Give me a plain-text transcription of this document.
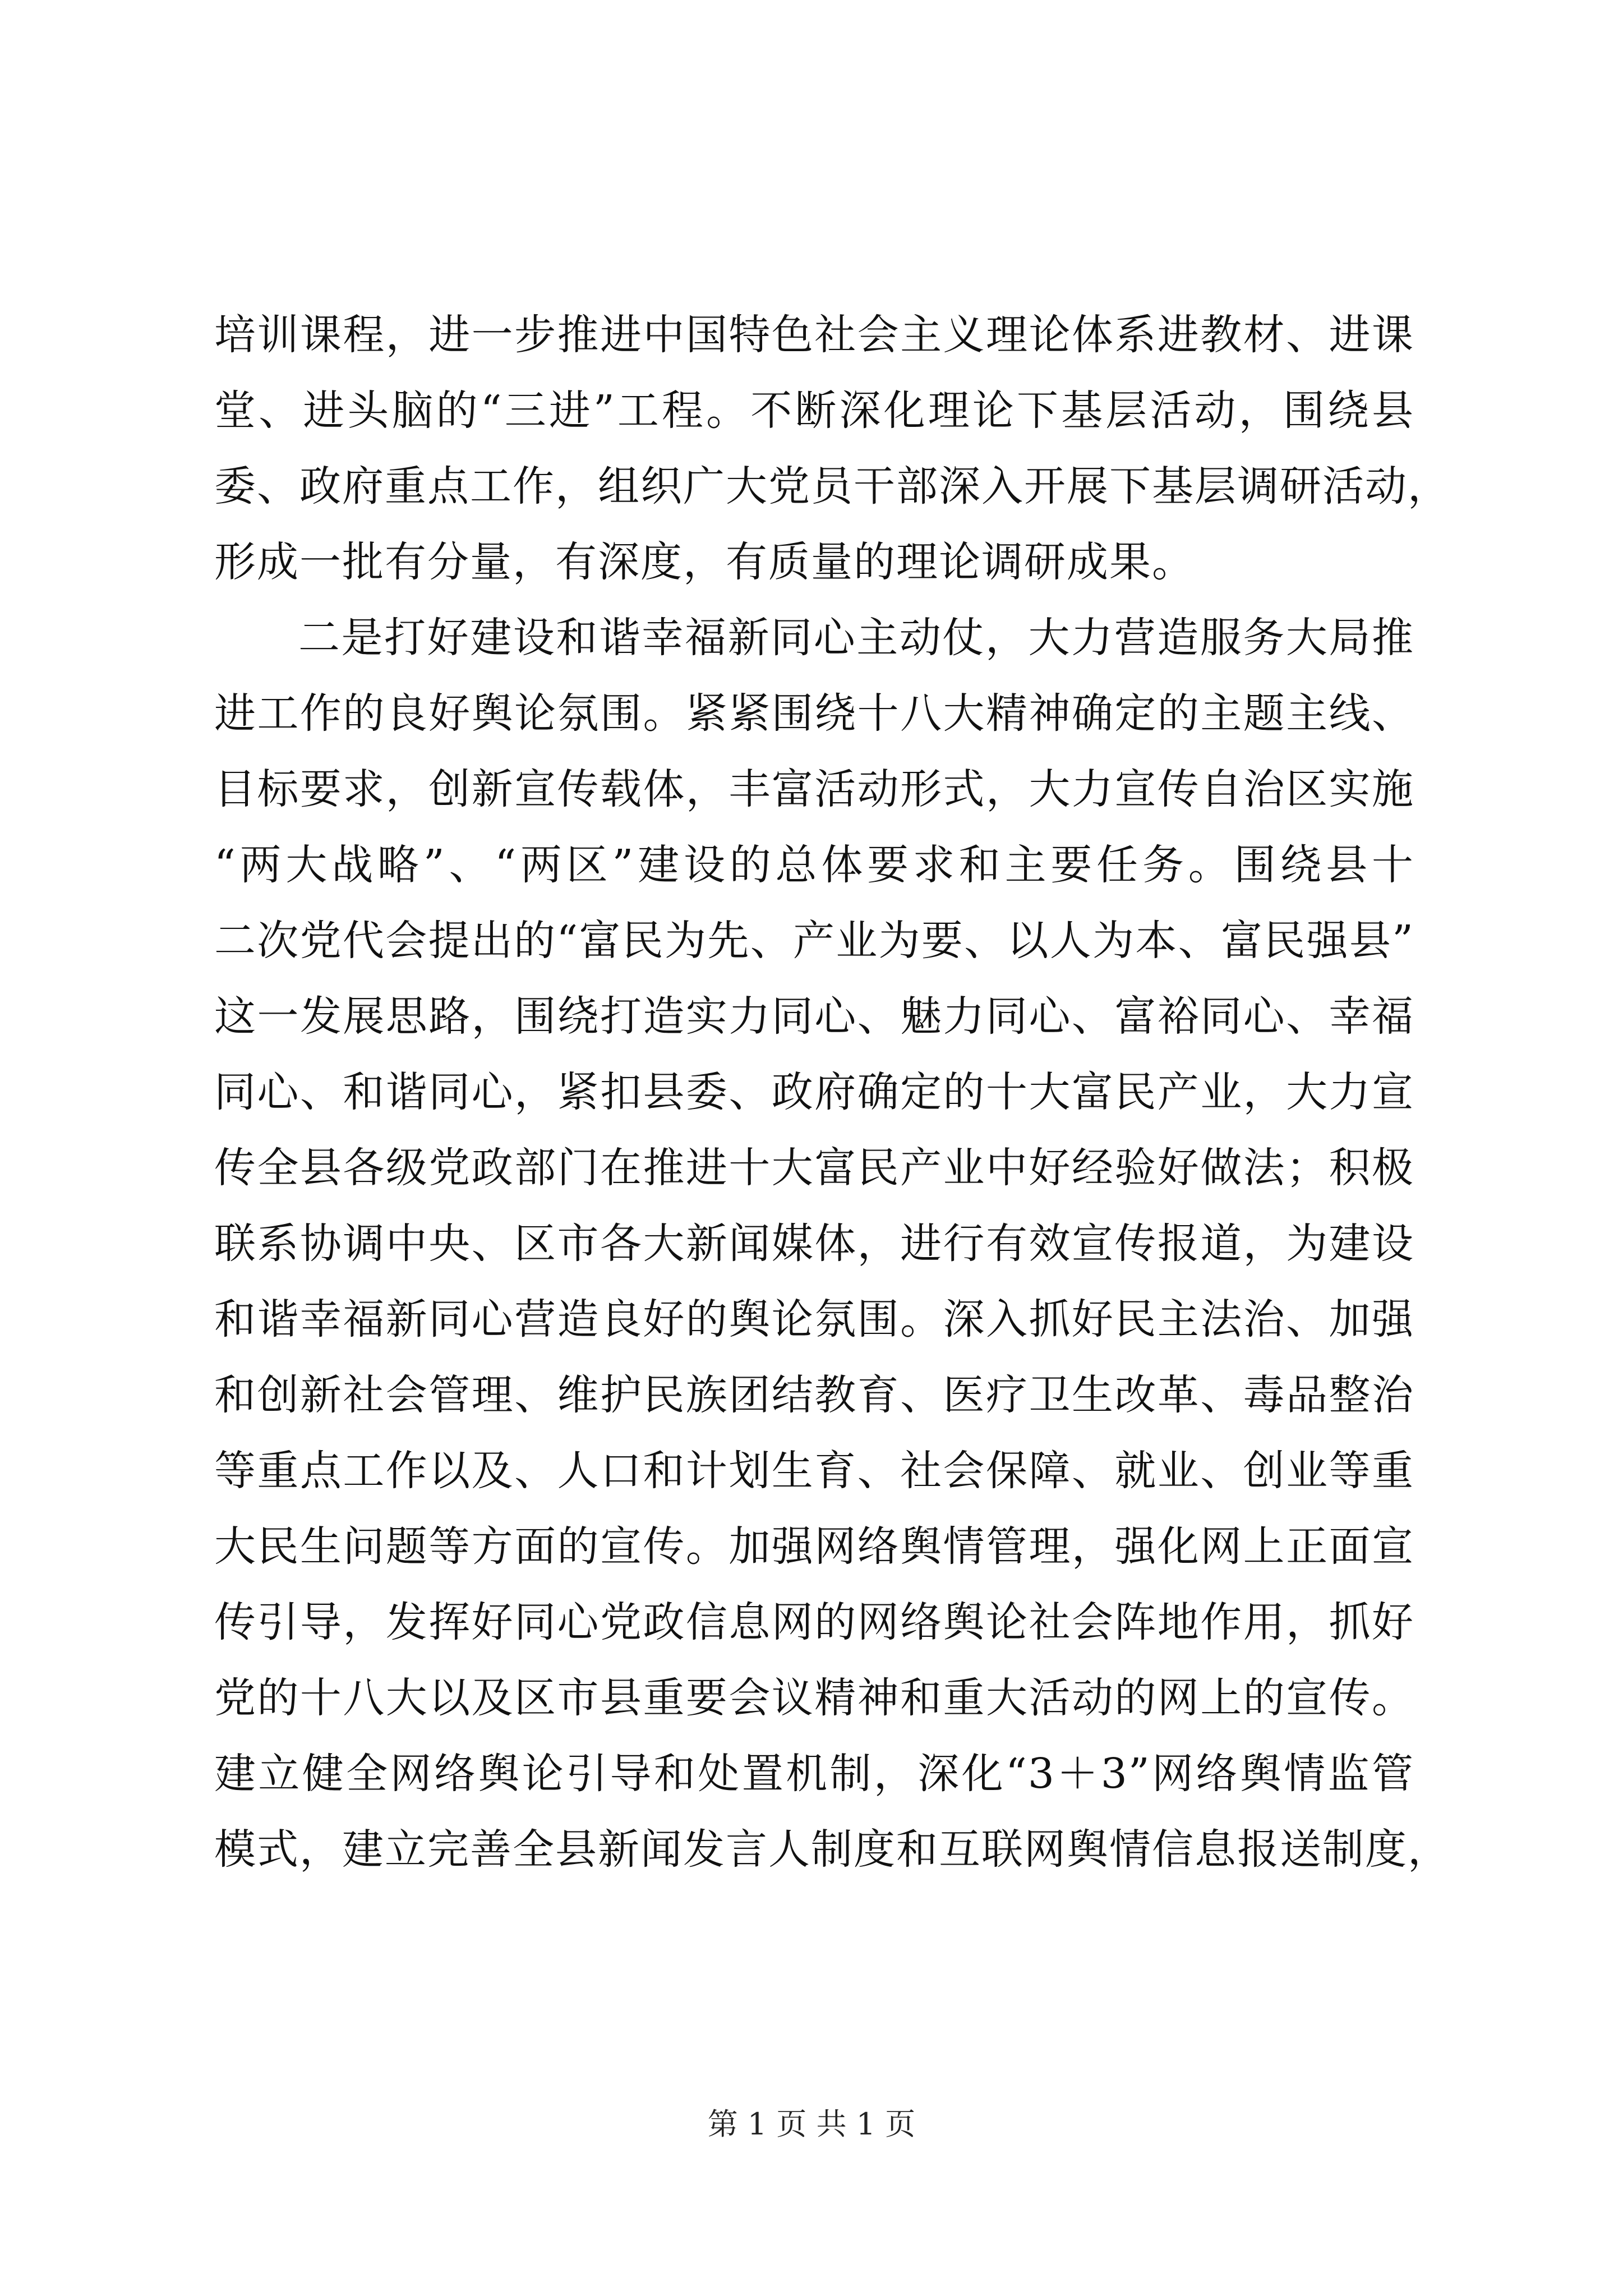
培训课程，进一步推进中国特色社会主义理论体系进教材、进课
堂、进头脑的“三进”工程。不断深化理论下基层活动，围绕县
委、政府重点工作，组织广大党员干部深入开展下基层调研活动，
形成一批有分量，有深度，有质量的理论调研成果。
二是打好建设和谐幸福新同心主动仗，大力营造服务大局推
进工作的良好舆论氛围。紧紧围绕十八大精神确定的主题主线、
目标要求，创新宣传载体，丰富活动形式，大力宣传自治区实施
“两大战略”、“两区”建设的总体要求和主要任务。围绕县十
二次党代会提出的“富民为先、产业为要、以人为本、富民强县”
这一发展思路，围绕打造实力同心、魅力同心、富裕同心、幸福
同心、和谐同心，紧扣县委、政府确定的十大富民产业，大力宣
传全县各级党政部门在推进十大富民产业中好经验好做法；积极
联系协调中央、区市各大新闻媒体，进行有效宣传报道，为建设
和谐幸福新同心营造良好的舆论氛围。深入抓好民主法治、加强
和创新社会管理、维护民族团结教育、医疗卫生改革、毒品整治
等重点工作以及、人口和计划生育、社会保障、就业、创业等重
大民生问题等方面的宣传。加强网络舆情管理，强化网上正面宣
传引导，发挥好同心党政信息网的网络舆论社会阵地作用，抓好
党的十八大以及区市县重要会议精神和重大活动的网上的宣传。
建立健全网络舆论引导和处置机制，深化“3＋3”网络舆情监管
模式，建立完善全县新闻发言人制度和互联网舆情信息报送制度，
第 1 页 共 1 页
